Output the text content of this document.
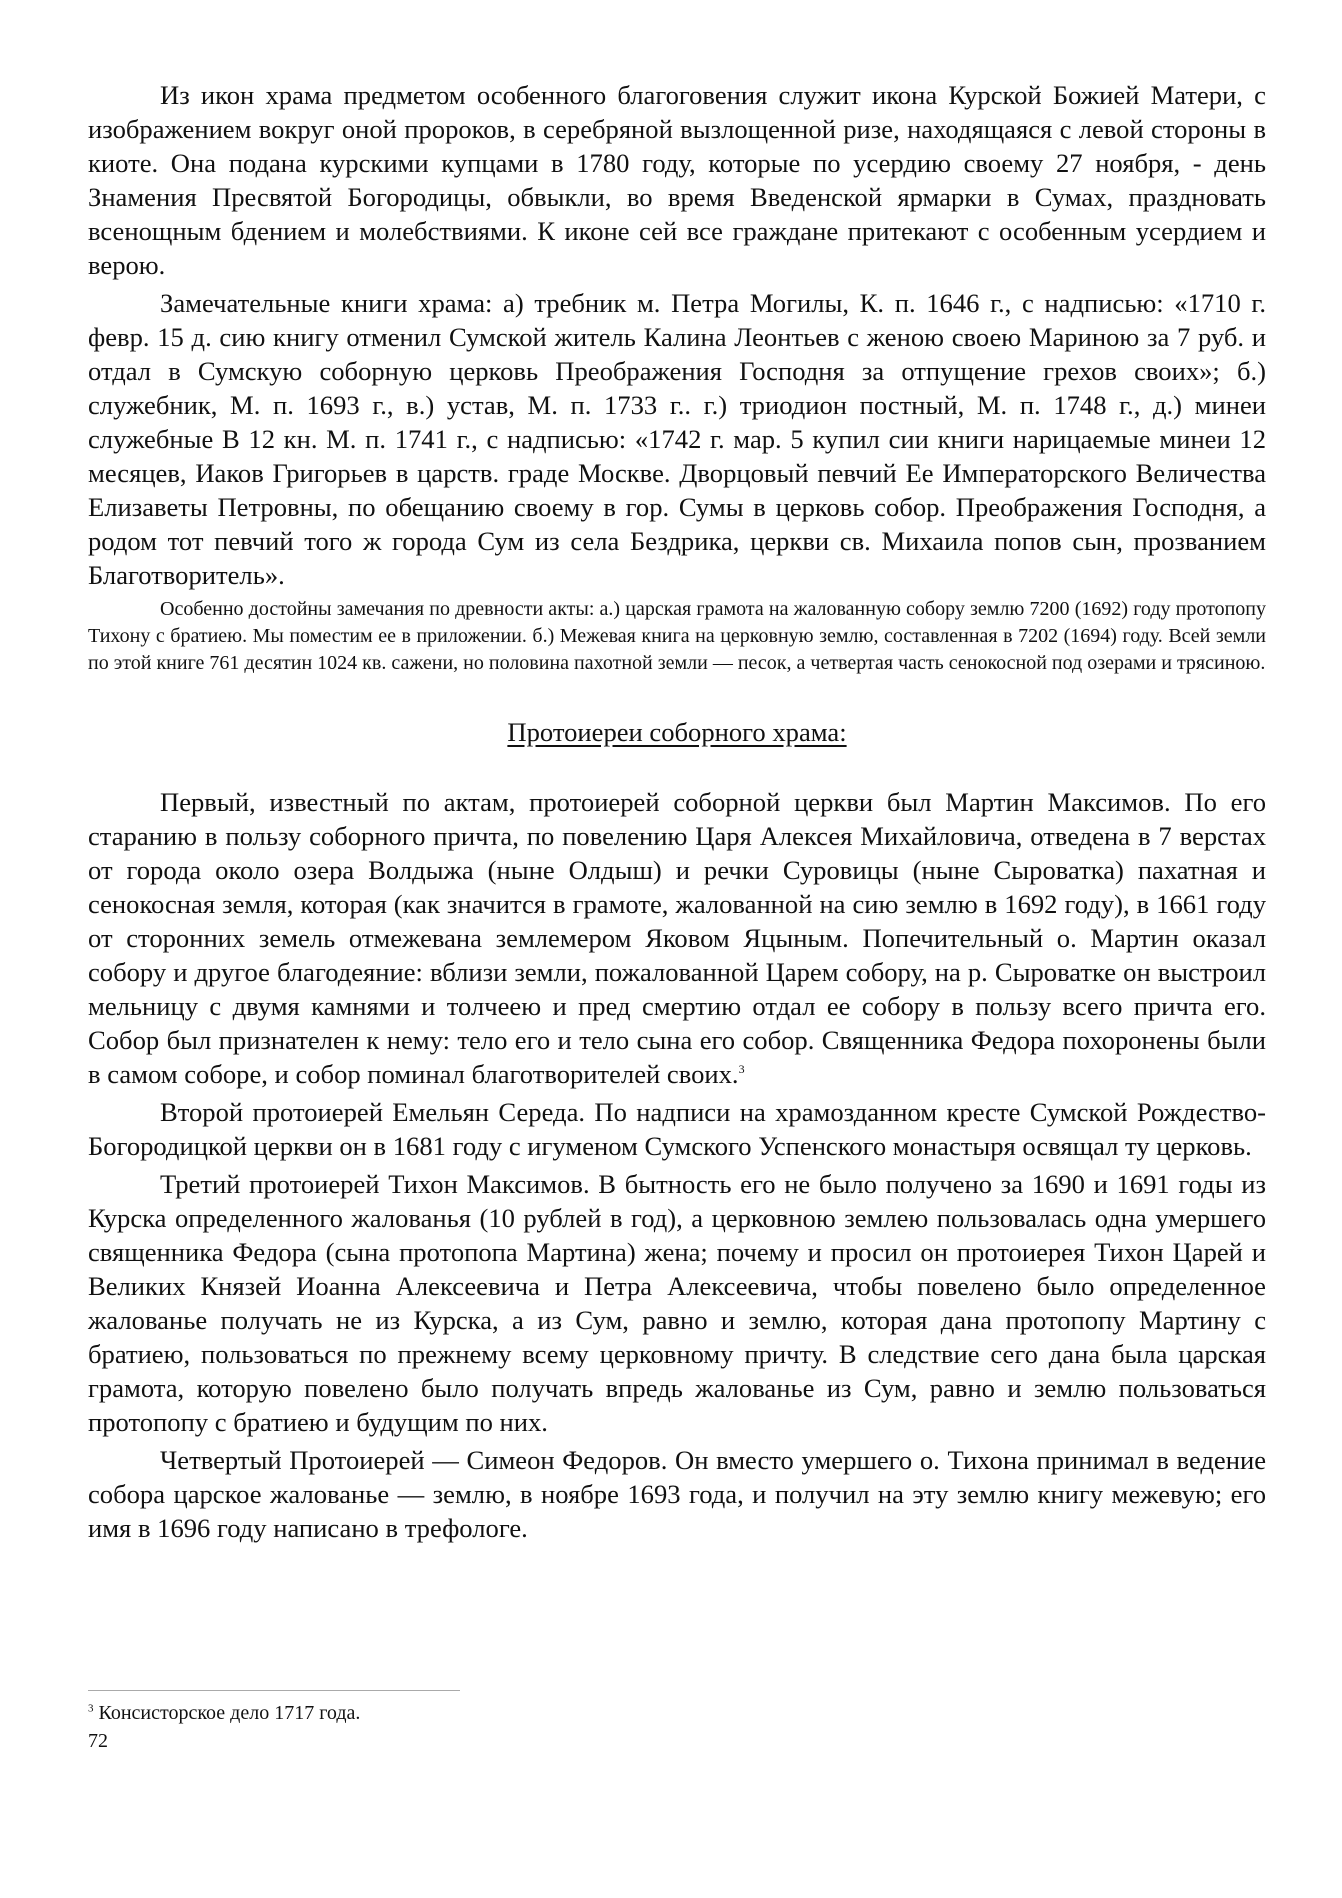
Из икон храма предметом особенного благоговения служит икона Курской Божией Матери, с изображением вокруг оной пророков, в серебряной вызлощенной ризе, находящаяся с левой стороны в киоте. Она подана курскими купцами в 1780 году, которые по усердию своему 27 ноября, - день Знамения Пресвятой Богородицы, обвыкли, во время Введенской ярмарки в Сумах, праздновать всенощным бдением и молебствиями. К иконе сей все граждане притекают с особенным усердием и верою.

Замечательные книги храма: а) требник м. Петра Могилы, К. п. 1646 г., с надписью: «1710 г. февр. 15 д. сию книгу отменил Сумской житель Калина Леонтьев с женою своею Мариною за 7 руб. и отдал в Сумскую соборную церковь Преображения Господня за отпущение грехов своих»; б.) служебник, М. п. 1693 г., в.) устав, М. п. 1733 г.. г.) триодион постный, М. п. 1748 г., д.) минеи служебные В 12 кн. М. п. 1741 г., с надписью: «1742 г. мар. 5 купил сии книги нарицаемые минеи 12 месяцев, Иаков Григорьев в царств. граде Москве. Дворцовый певчий Ее Императорского Величества Елизаветы Петровны, по обещанию своему в гор. Сумы в церковь собор. Преображения Господня, а родом тот певчий того ж города Сум из села Бездрика, церкви св. Михаила попов сын, прозванием Благотворитель».

Особенно достойны замечания по древности акты: а.) царская грамота на жалованную собору землю 7200 (1692) году протопопу Тихону с братиею. Мы поместим ее в приложении. б.) Межевая книга на церковную землю, составленная в 7202 (1694) году. Всей земли по этой книге 761 десятин 1024 кв. сажени, но половина пахотной земли — песок, а четвертая часть сенокосной под озерами и трясиною.

Протоиереи соборного храма:

Первый, известный по актам, протоиерей соборной церкви был Мартин Максимов. По его старанию в пользу соборного причта, по повелению Царя Алексея Михайловича, отведена в 7 верстах от города около озера Волдыжа (ныне Олдыш) и речки Суровицы (ныне Сыроватка) пахатная и сенокосная земля, которая (как значится в грамоте, жалованной на сию землю в 1692 году), в 1661 году от сторонних земель отмежевана землемером Яковом Яцыным. Попечительный о. Мартин оказал собору и другое благодеяние: вблизи земли, пожалованной Царем собору, на р. Сыроватке он выстроил мельницу с двумя камнями и толчеею и пред смертию отдал ее собору в пользу всего причта его. Собор был признателен к нему: тело его и тело сына его собор. Священника Федора похоронены были в самом соборе, и собор поминал благотворителей своих.$^3$

Второй протоиерей Емельян Середа. По надписи на храмозданном кресте Сумской Рождество-Богородицкой церкви он в 1681 году с игуменом Сумского Успенского монастыря освящал ту церковь.

Третий протоиерей Тихон Максимов. В бытность его не было получено за 1690 и 1691 годы из Курска определенного жалованья (10 рублей в год), а церковною землею пользовалась одна умершего священника Федора (сына протопопа Мартина) жена; почему и просил он протоиерея Тихон Царей и Великих Князей Иоанна Алексеевича и Петра Алексеевича, чтобы повелено было определенное жалованье получать не из Курска, а из Сум, равно и землю, которая дана протопопу Мартину с братиею, пользоваться по прежнему всему церковному причту. В следствие сего дана была царская грамота, которую повелено было получать впредь жалованье из Сум, равно и землю пользоваться протопопу с братиею и будущим по них.

Четвертый Протоиерей — Симеон Федоров. Он вместо умершего о. Тихона принимал в ведение собора царское жалованье — землю, в ноябре 1693 года, и получил на эту землю книгу межевую; его имя в 1696 году написано в трефологе.

$^3$ Консисторское дело 1717 года.
72
